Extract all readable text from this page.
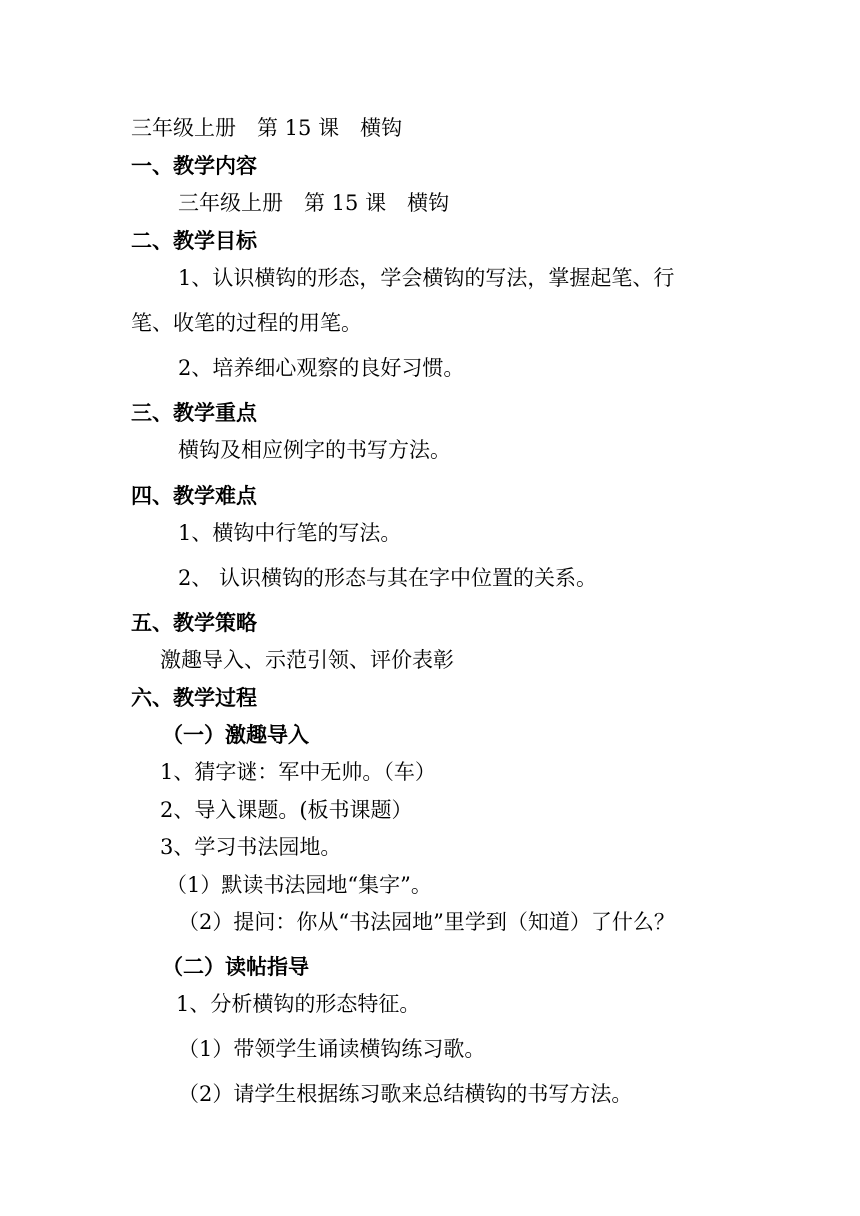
三年级上册　第 15 课　横钩
一、教学内容
三年级上册　第 15 课　横钩
二、教学目标
1、认识横钩的形态，学会横钩的写法，掌握起笔、行
笔、收笔的过程的用笔。
2、培养细心观察的良好习惯。
三、教学重点
横钩及相应例字的书写方法。
四、教学难点
1、横钩中行笔的写法。
2、 认识横钩的形态与其在字中位置的关系。
五、教学策略
激趣导入、示范引领、评价表彰
六、教学过程
（一）激趣导入
1、猜字谜：军中无帅。（车）
2、导入课题。(板书课题）
3、学习书法园地。
（1）默读书法园地“集字”。
（2）提问：你从“书法园地”里学到（知道）了什么？
（二）读帖指导
1、分析横钩的形态特征。
（1）带领学生诵读横钩练习歌。
（2）请学生根据练习歌来总结横钩的书写方法。
